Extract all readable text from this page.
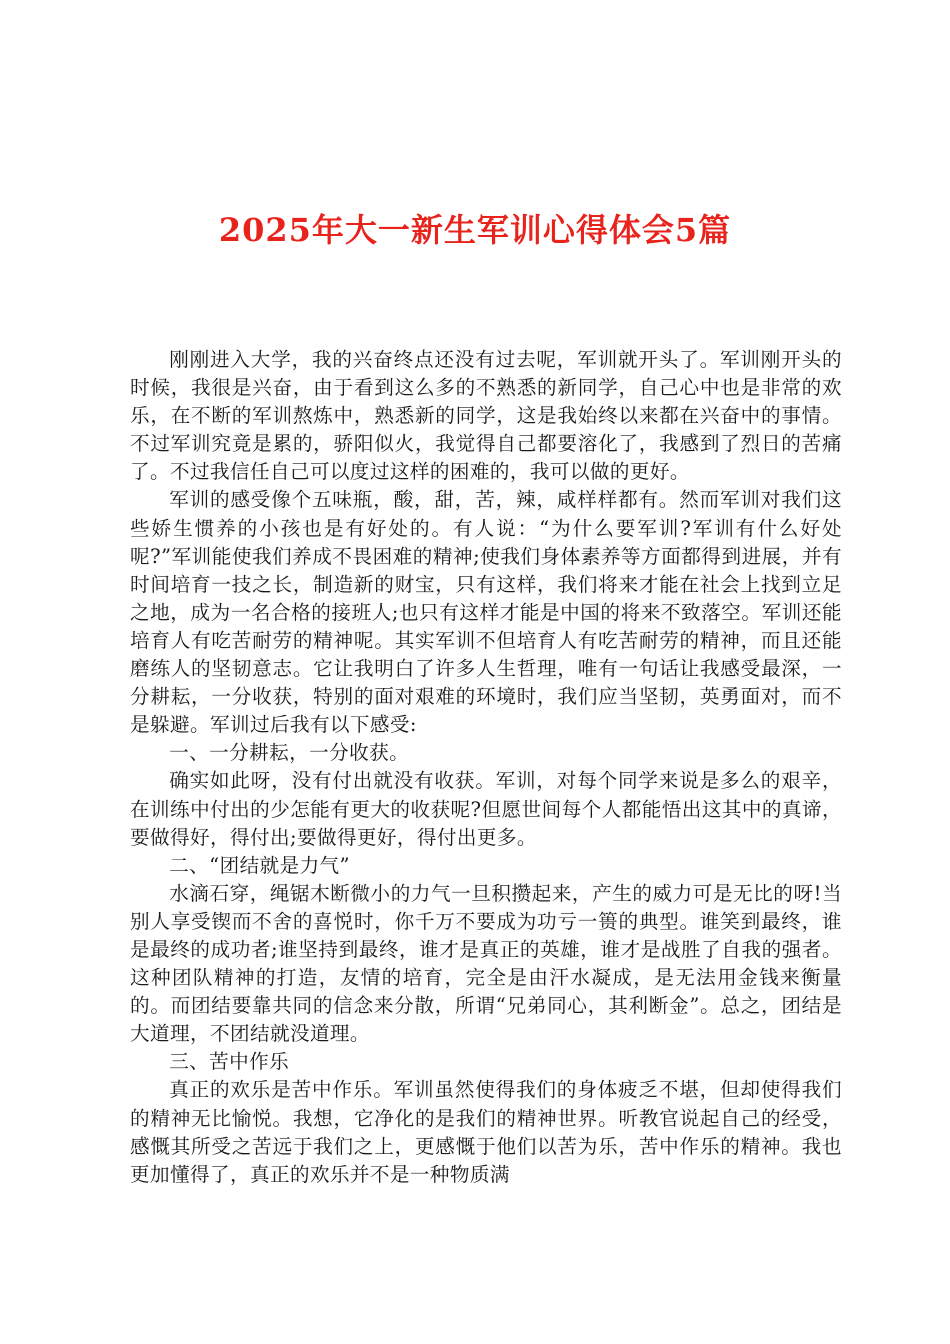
2025年大一新生军训心得体会5篇

刚刚进入大学，我的兴奋终点还没有过去呢，军训就开头了。军训刚开头的时候，我很是兴奋，由于看到这么多的不熟悉的新同学，自己心中也是非常的欢乐，在不断的军训熬炼中，熟悉新的同学，这是我始终以来都在兴奋中的事情。不过军训究竟是累的，骄阳似火，我觉得自己都要溶化了，我感到了烈日的苦痛了。不过我信任自己可以度过这样的困难的，我可以做的更好。

军训的感受像个五味瓶，酸，甜，苦，辣，咸样样都有。然而军训对我们这些娇生惯养的小孩也是有好处的。有人说：“为什么要军训?军训有什么好处呢?”军训能使我们养成不畏困难的精神;使我们身体素养等方面都得到进展，并有时间培育一技之长，制造新的财宝，只有这样，我们将来才能在社会上找到立足之地，成为一名合格的接班人;也只有这样才能是中国的将来不致落空。军训还能培育人有吃苦耐劳的精神呢。其实军训不但培育人有吃苦耐劳的精神，而且还能磨练人的坚韧意志。它让我明白了许多人生哲理，唯有一句话让我感受最深，一分耕耘，一分收获，特别的面对艰难的环境时，我们应当坚韧，英勇面对，而不是躲避。军训过后我有以下感受:

一、一分耕耘，一分收获。

确实如此呀，没有付出就没有收获。军训，对每个同学来说是多么的艰辛，在训练中付出的少怎能有更大的收获呢?但愿世间每个人都能悟出这其中的真谛，要做得好，得付出;要做得更好，得付出更多。

二、“团结就是力气”

水滴石穿，绳锯木断微小的力气一旦积攒起来，产生的威力可是无比的呀!当别人享受锲而不舍的喜悦时，你千万不要成为功亏一篑的典型。谁笑到最终，谁是最终的成功者;谁坚持到最终，谁才是真正的英雄，谁才是战胜了自我的强者。这种团队精神的打造，友情的培育，完全是由汗水凝成，是无法用金钱来衡量的。而团结要靠共同的信念来分散，所谓“兄弟同心，其利断金”。总之，团结是大道理，不团结就没道理。

三、苦中作乐

真正的欢乐是苦中作乐。军训虽然使得我们的身体疲乏不堪，但却使得我们的精神无比愉悦。我想，它净化的是我们的精神世界。听教官说起自己的经受，感慨其所受之苦远于我们之上，更感慨于他们以苦为乐，苦中作乐的精神。我也更加懂得了，真正的欢乐并不是一种物质满
